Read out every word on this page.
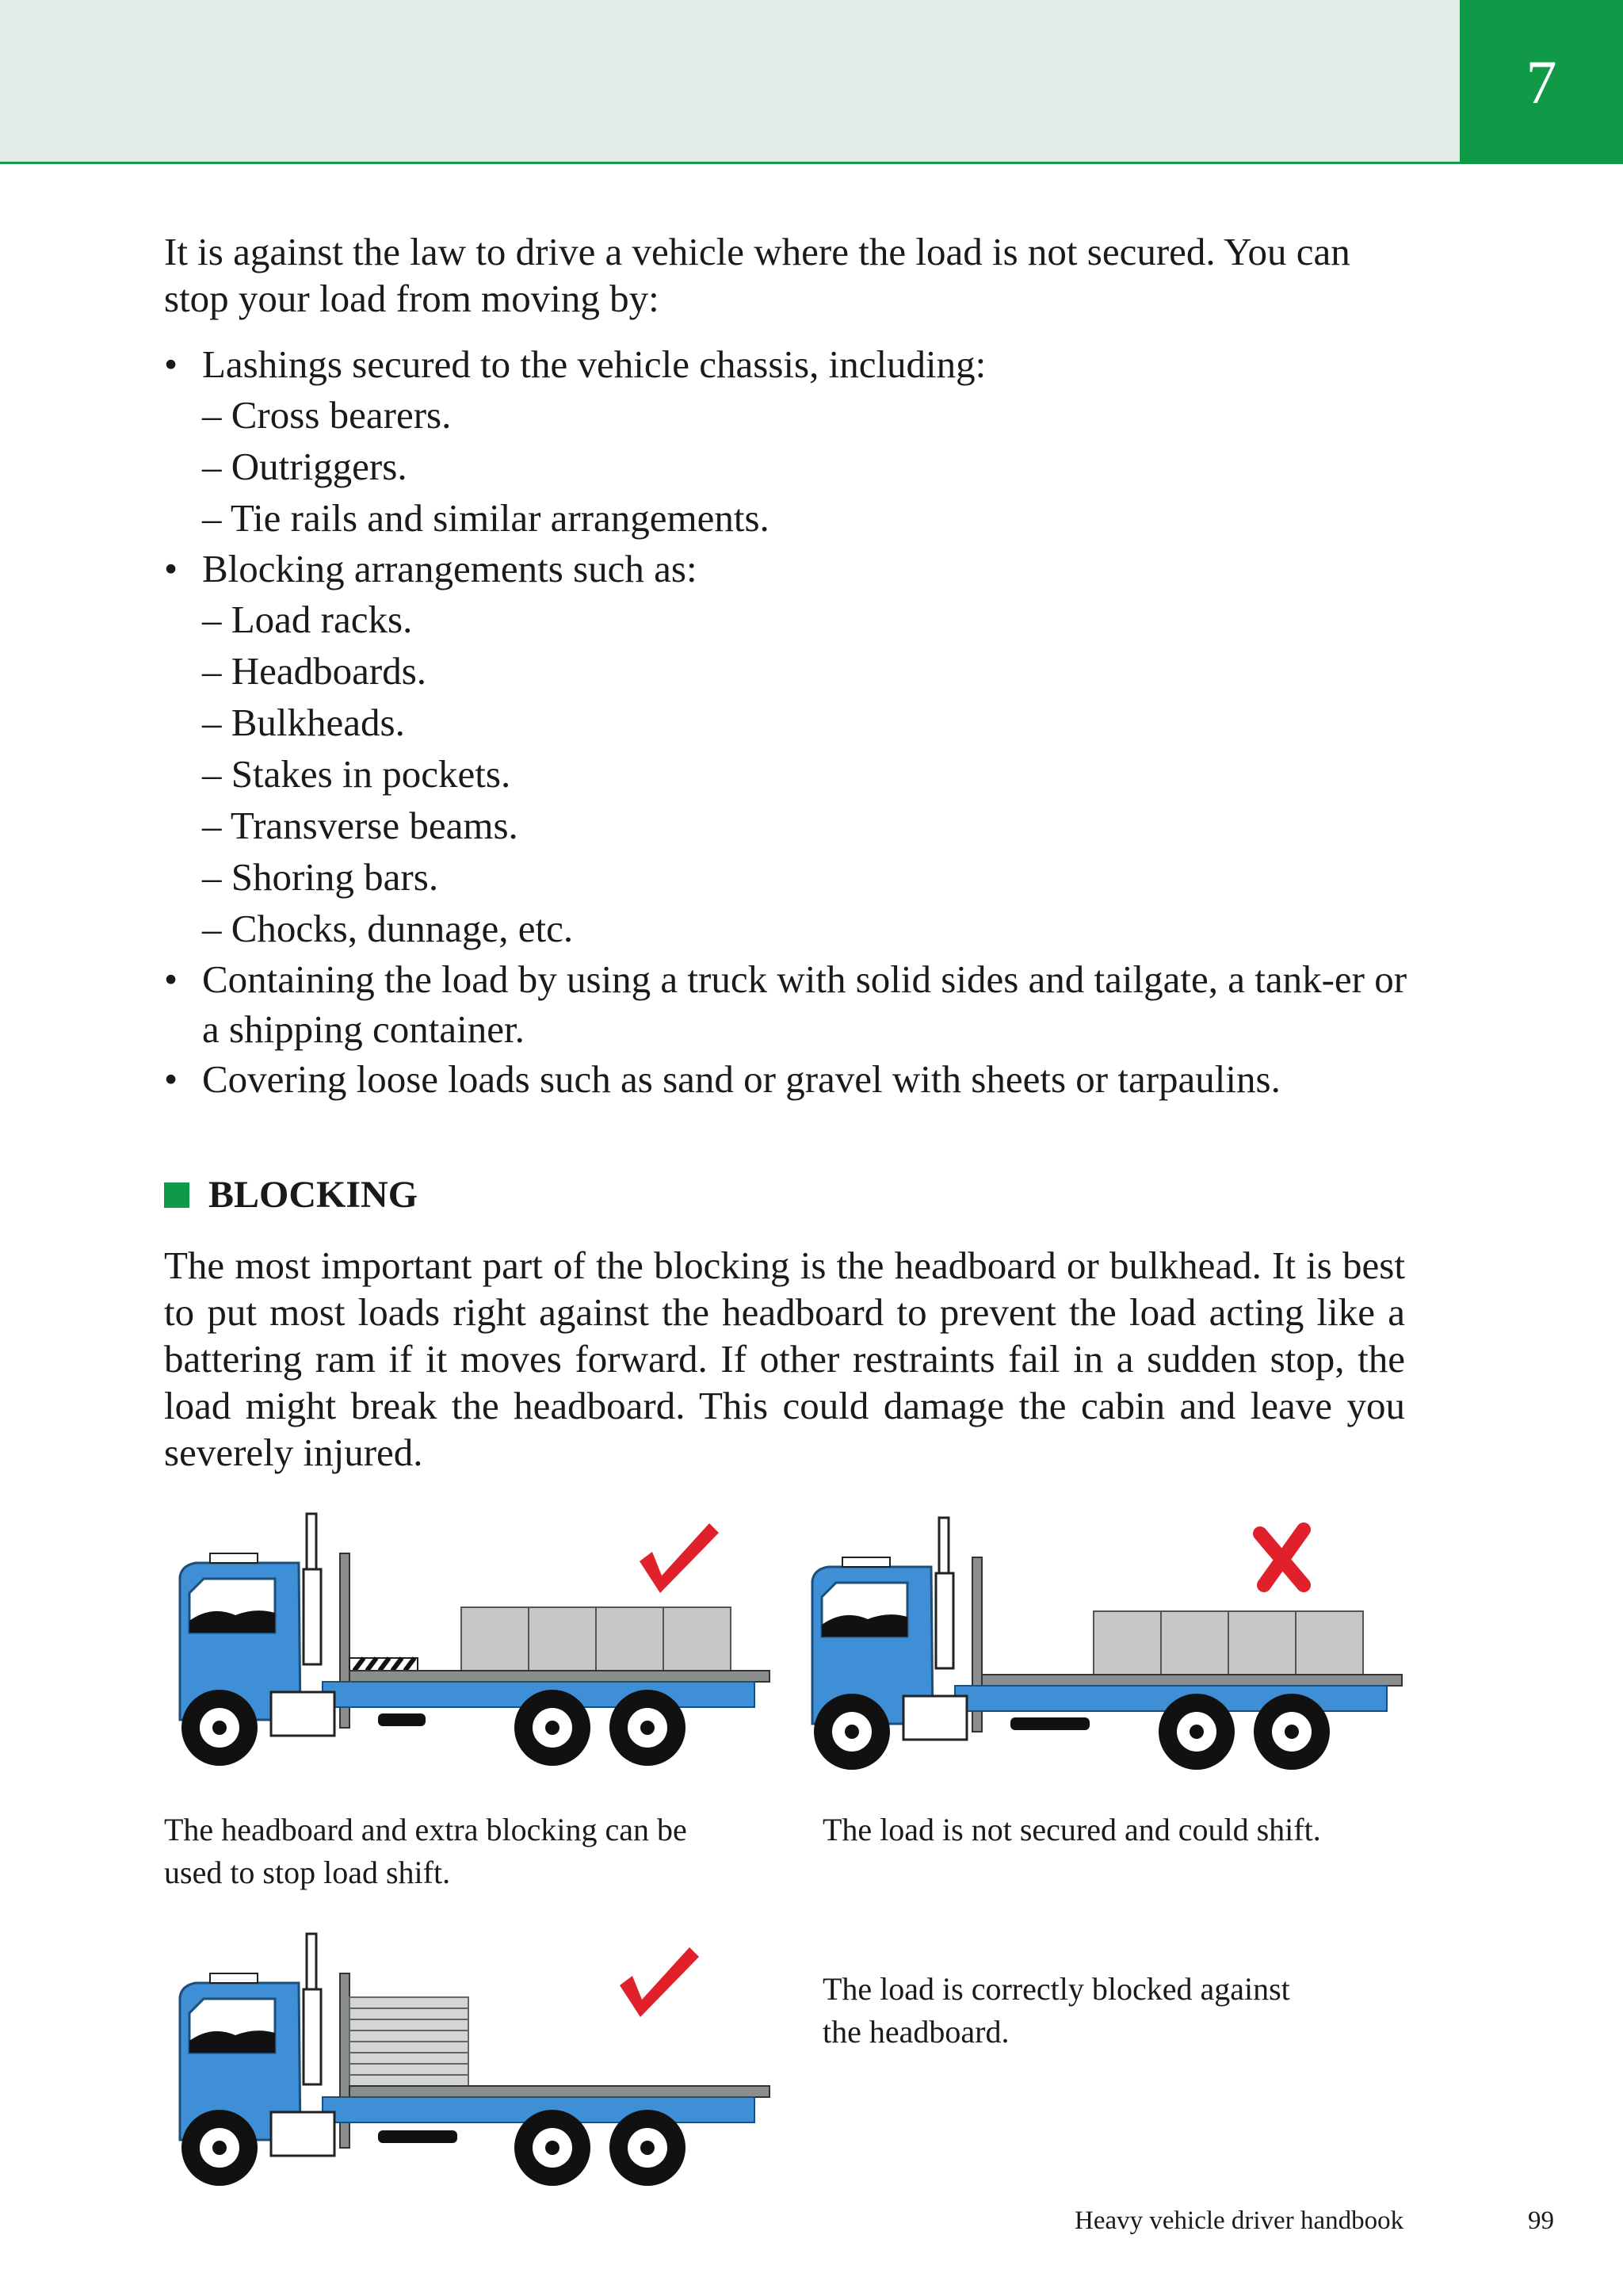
7

It is against the law to drive a vehicle where the load is not secured. You can stop your load from moving by:

• Lashings secured to the vehicle chassis, including:
– Cross bearers.
– Outriggers.
– Tie rails and similar arrangements.
• Blocking arrangements such as:
– Load racks.
– Headboards.
– Bulkheads.
– Stakes in pockets.
– Transverse beams.
– Shoring bars.
– Chocks, dunnage, etc.
• Containing the load by using a truck with solid sides and tailgate, a tank-er or a shipping container.
• Covering loose loads such as sand or gravel with sheets or tarpaulins.
BLOCKING

The most important part of the blocking is the headboard or bulkhead. It is best to put most loads right against the headboard to prevent the load acting like a battering ram if it moves forward. If other restraints fail in a sudden stop, the load might break the headboard. This could damage the cabin and leave you severely injured.

The headboard and extra blocking can be used to stop load shift.

The load is not secured and could shift.

The load is correctly blocked against the headboard.

Heavy vehicle driver handbook	99
